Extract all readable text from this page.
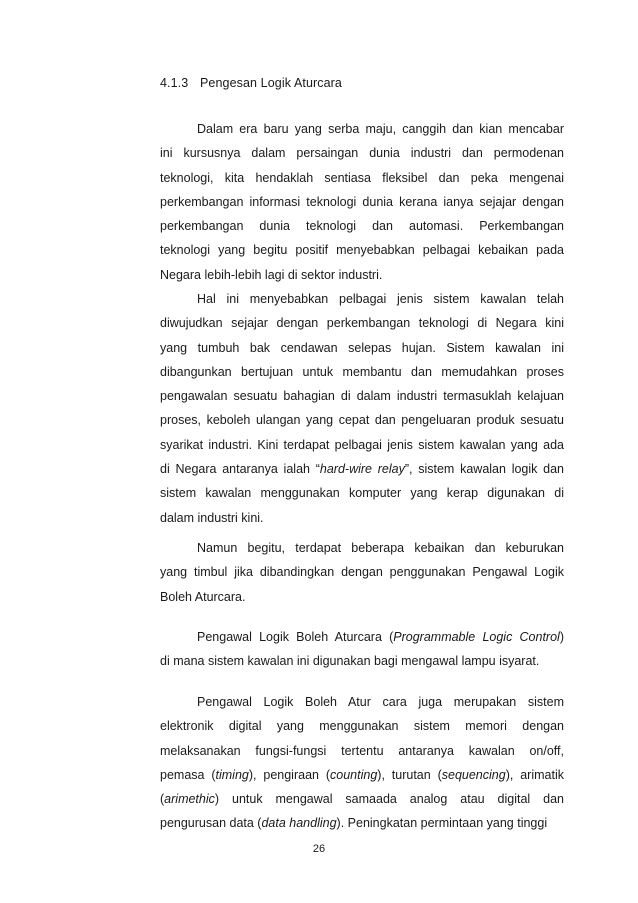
4.1.3 Pengesan Logik Aturcara
Dalam era baru yang serba maju, canggih dan kian mencabar
ini kursusnya dalam persaingan dunia industri dan permodenan
teknologi, kita hendaklah sentiasa fleksibel dan peka mengenai
perkembangan informasi teknologi dunia kerana ianya sejajar dengan
perkembangan dunia teknologi dan automasi. Perkembangan
teknologi yang begitu positif menyebabkan pelbagai kebaikan pada
Negara lebih-lebih lagi di sektor industri.
Hal ini menyebabkan pelbagai jenis sistem kawalan telah
diwujudkan sejajar dengan perkembangan teknologi di Negara kini
yang tumbuh bak cendawan selepas hujan. Sistem kawalan ini
dibangunkan bertujuan untuk membantu dan memudahkan proses
pengawalan sesuatu bahagian di dalam industri termasuklah kelajuan
proses, keboleh ulangan yang cepat dan pengeluaran produk sesuatu
syarikat industri. Kini terdapat pelbagai jenis sistem kawalan yang ada
di Negara antaranya ialah “hard-wire relay”, sistem kawalan logik dan
sistem kawalan menggunakan komputer yang kerap digunakan di
dalam industri kini.
Namun begitu, terdapat beberapa kebaikan dan keburukan
yang timbul jika dibandingkan dengan penggunakan Pengawal Logik
Boleh Aturcara.
Pengawal Logik Boleh Aturcara (Programmable Logic Control)
di mana sistem kawalan ini digunakan bagi mengawal lampu isyarat.
Pengawal Logik Boleh Atur cara juga merupakan sistem
elektronik digital yang menggunakan sistem memori dengan
melaksanakan fungsi-fungsi tertentu antaranya kawalan on/off,
pemasa (timing), pengiraan (counting), turutan (sequencing), arimatik
(arimethic) untuk mengawal samaada analog atau digital dan
pengurusan data (data handling). Peningkatan permintaan yang tinggi
26
